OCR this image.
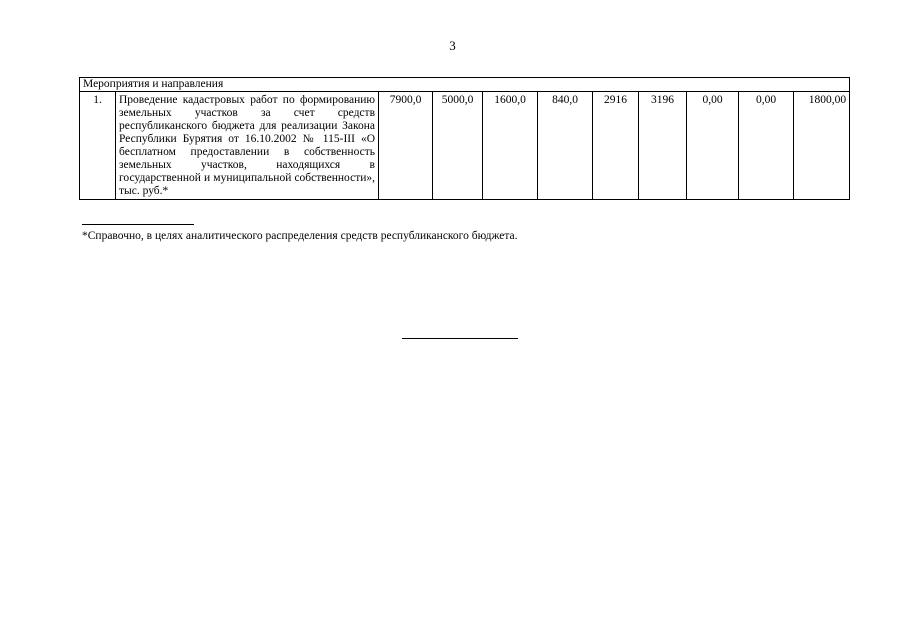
3
Мероприятия и направления
1.	Проведение кадастровых работ по формированию земельных участков за счет средств республиканского бюджета для реализации Закона Республики Бурятия от 16.10.2002 № 115-III «О бесплатном предоставлении в собственность земельных участков, находящихся в государственной и муниципальной собственности», тыс. руб.*	7900,0	5000,0	1600,0	840,0	2916	3196	0,00	0,00	1800,00
*Справочно, в целях аналитического распределения средств республиканского бюджета.
